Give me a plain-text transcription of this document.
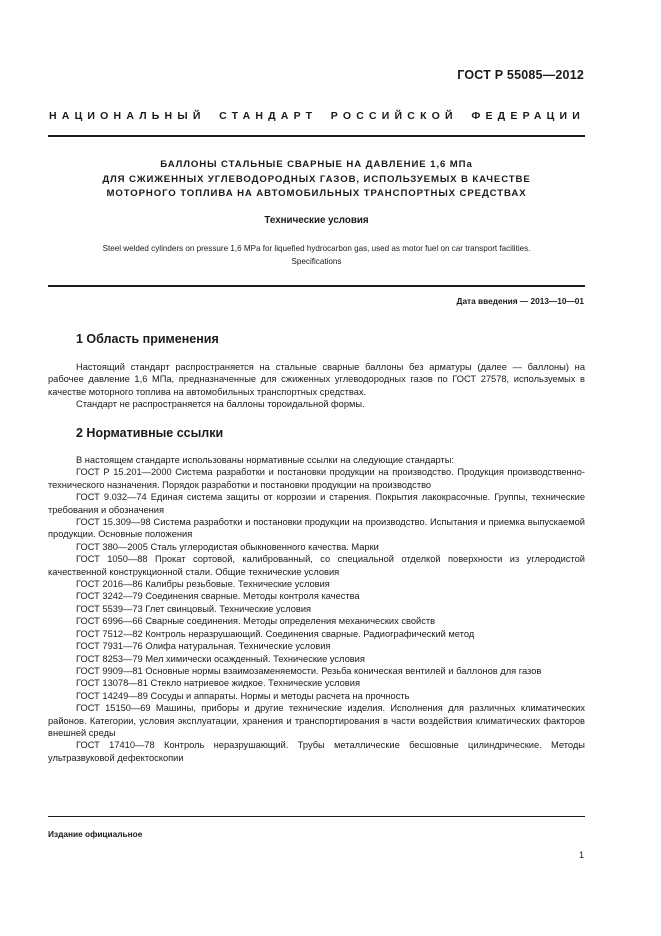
ГОСТ Р 55085—2012
НАЦИОНАЛЬНЫЙ СТАНДАРТ РОССИЙСКОЙ ФЕДЕРАЦИИ
БАЛЛОНЫ СТАЛЬНЫЕ СВАРНЫЕ НА ДАВЛЕНИЕ 1,6 МПа
ДЛЯ СЖИЖЕННЫХ УГЛЕВОДОРОДНЫХ ГАЗОВ, ИСПОЛЬЗУЕМЫХ В КАЧЕСТВЕ
МОТОРНОГО ТОПЛИВА НА АВТОМОБИЛЬНЫХ ТРАНСПОРТНЫХ СРЕДСТВАХ
Технические условия
Steel welded cylinders on pressure 1,6 MPa for liquefied hydrocarbon gas, used as motor fuel on car transport facilities.
Specifications
Дата введения — 2013—10—01
1 Область применения

Настоящий стандарт распространяется на стальные сварные баллоны без арматуры (далее — баллоны) на рабочее давление 1,6 МПа, предназначенные для сжиженных углеводородных газов по ГОСТ 27578, используемых в качестве моторного топлива на автомобильных транспортных средствах.

Стандарт не распространяется на баллоны тороидальной формы.

2 Нормативные ссылки

В настоящем стандарте использованы нормативные ссылки на следующие стандарты:

ГОСТ Р 15.201—2000 Система разработки и постановки продукции на производство. Продукция производственно-технического назначения. Порядок разработки и постановки продукции на производство

ГОСТ 9.032—74 Единая система защиты от коррозии и старения. Покрытия лакокрасочные. Группы, технические требования и обозначения

ГОСТ 15.309—98 Система разработки и постановки продукции на производство. Испытания и приемка выпускаемой продукции. Основные положения

ГОСТ 380—2005 Сталь углеродистая обыкновенного качества. Марки

ГОСТ 1050—88 Прокат сортовой, калиброванный, со специальной отделкой поверхности из углеродистой качественной конструкционной стали. Общие технические условия

ГОСТ 2016—86 Калибры резьбовые. Технические условия

ГОСТ 3242—79 Соединения сварные. Методы контроля качества

ГОСТ 5539—73 Глет свинцовый. Технические условия

ГОСТ 6996—66 Сварные соединения. Методы определения механических свойств

ГОСТ 7512—82 Контроль неразрушающий. Соединения сварные. Радиографический метод

ГОСТ 7931—76 Олифа натуральная. Технические условия

ГОСТ 8253—79 Мел химически осажденный. Технические условия

ГОСТ 9909—81 Основные нормы взаимозаменяемости. Резьба коническая вентилей и баллонов для газов

ГОСТ 13078—81 Стекло натриевое жидкое. Технические условия

ГОСТ 14249—89 Сосуды и аппараты. Нормы и методы расчета на прочность

ГОСТ 15150—69 Машины, приборы и другие технические изделия. Исполнения для различных климатических районов. Категории, условия эксплуатации, хранения и транспортирования в части воздействия климатических факторов внешней среды

ГОСТ 17410—78 Контроль неразрушающий. Трубы металлические бесшовные цилиндрические. Методы ультразвуковой дефектоскопии

Издание официальное
1
